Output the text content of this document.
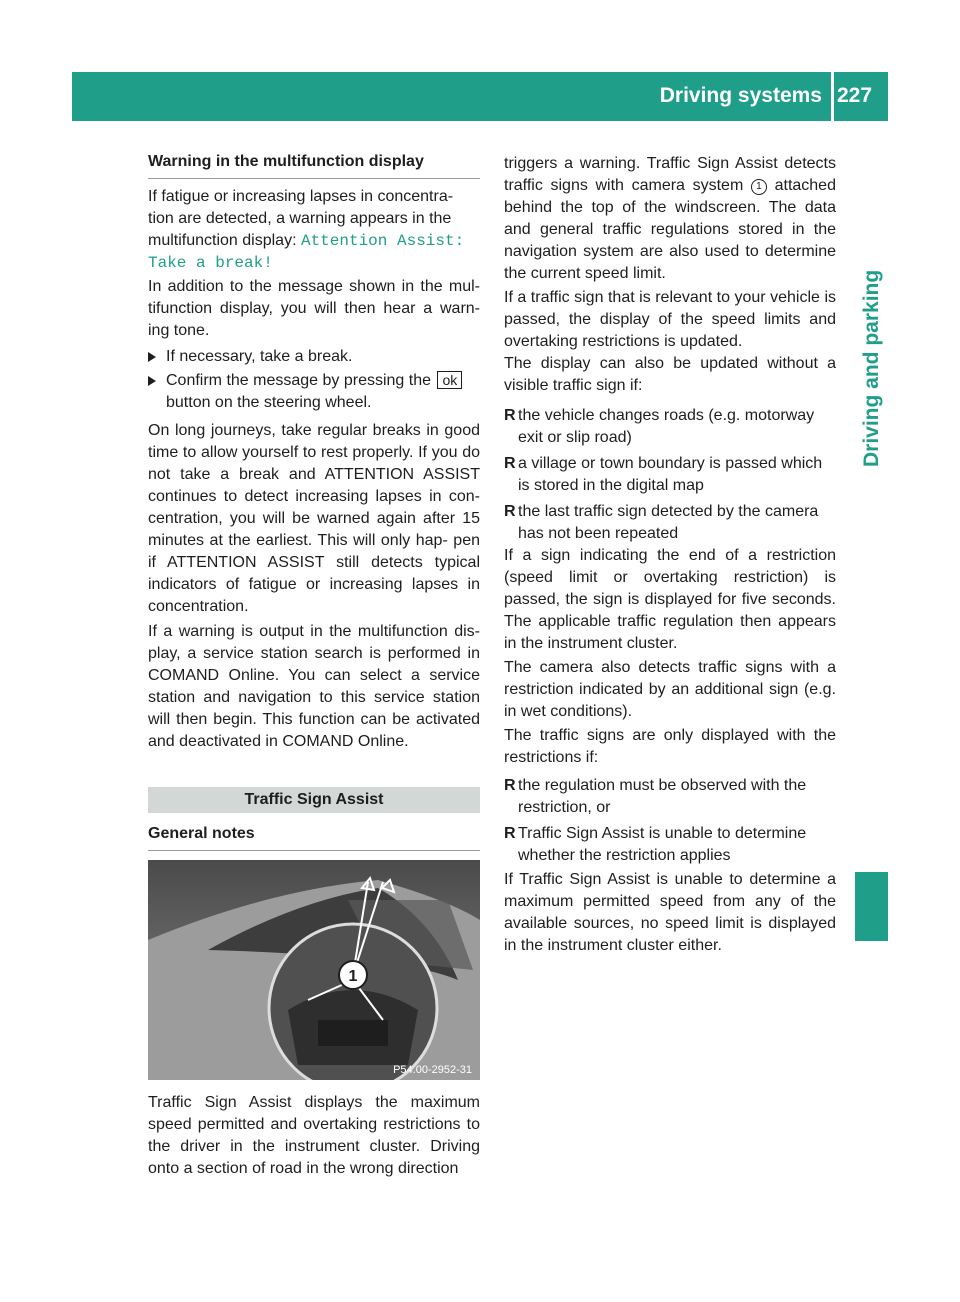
Driving systems 227
Driving and parking
Warning in the multifunction display
If fatigue or increasing lapses in concentra-
tion are detected, a warning appears in the
multifunction display: Attention Assist:
Take a break!
In addition to the message shown in the mul- tifunction display, you will then hear a warn- ing tone.
If necessary, take a break.
Confirm the message by pressing the ok
button on the steering wheel.
On long journeys, take regular breaks in good time to allow yourself to rest properly. If you do not take a break and ATTENTION ASSIST continues to detect increasing lapses in con- centration, you will be warned again after 15 minutes at the earliest. This will only hap- pen if ATTENTION ASSIST still detects typical indicators of fatigue or increasing lapses in concentration.
If a warning is output in the multifunction dis- play, a service station search is performed in COMAND Online. You can select a service station and navigation to this service station will then begin. This function can be activated and deactivated in COMAND Online.
Traffic Sign Assist
General notes
1
P54.00-2952-31
Traffic Sign Assist displays the maximum speed permitted and overtaking restrictions to the driver in the instrument cluster. Driving onto a section of road in the wrong direction
triggers a warning. Traffic Sign Assist detects traffic signs with camera system 1 attached behind the top of the windscreen. The data and general traffic regulations stored in the navigation system are also used to determine the current speed limit.
If a traffic sign that is relevant to your vehicle is passed, the display of the speed limits and overtaking restrictions is updated.
The display can also be updated without a visible traffic sign if:
R the vehicle changes roads (e.g. motorway exit or slip road)
R a village or town boundary is passed which is stored in the digital map
R the last traffic sign detected by the camera has not been repeated
If a sign indicating the end of a restriction (speed limit or overtaking restriction) is passed, the sign is displayed for five seconds. The applicable traffic regulation then appears in the instrument cluster.
The camera also detects traffic signs with a restriction indicated by an additional sign (e.g. in wet conditions).
The traffic signs are only displayed with the restrictions if:
R the regulation must be observed with the restriction, or
R Traffic Sign Assist is unable to determine whether the restriction applies
If Traffic Sign Assist is unable to determine a maximum permitted speed from any of the available sources, no speed limit is displayed in the instrument cluster either.
